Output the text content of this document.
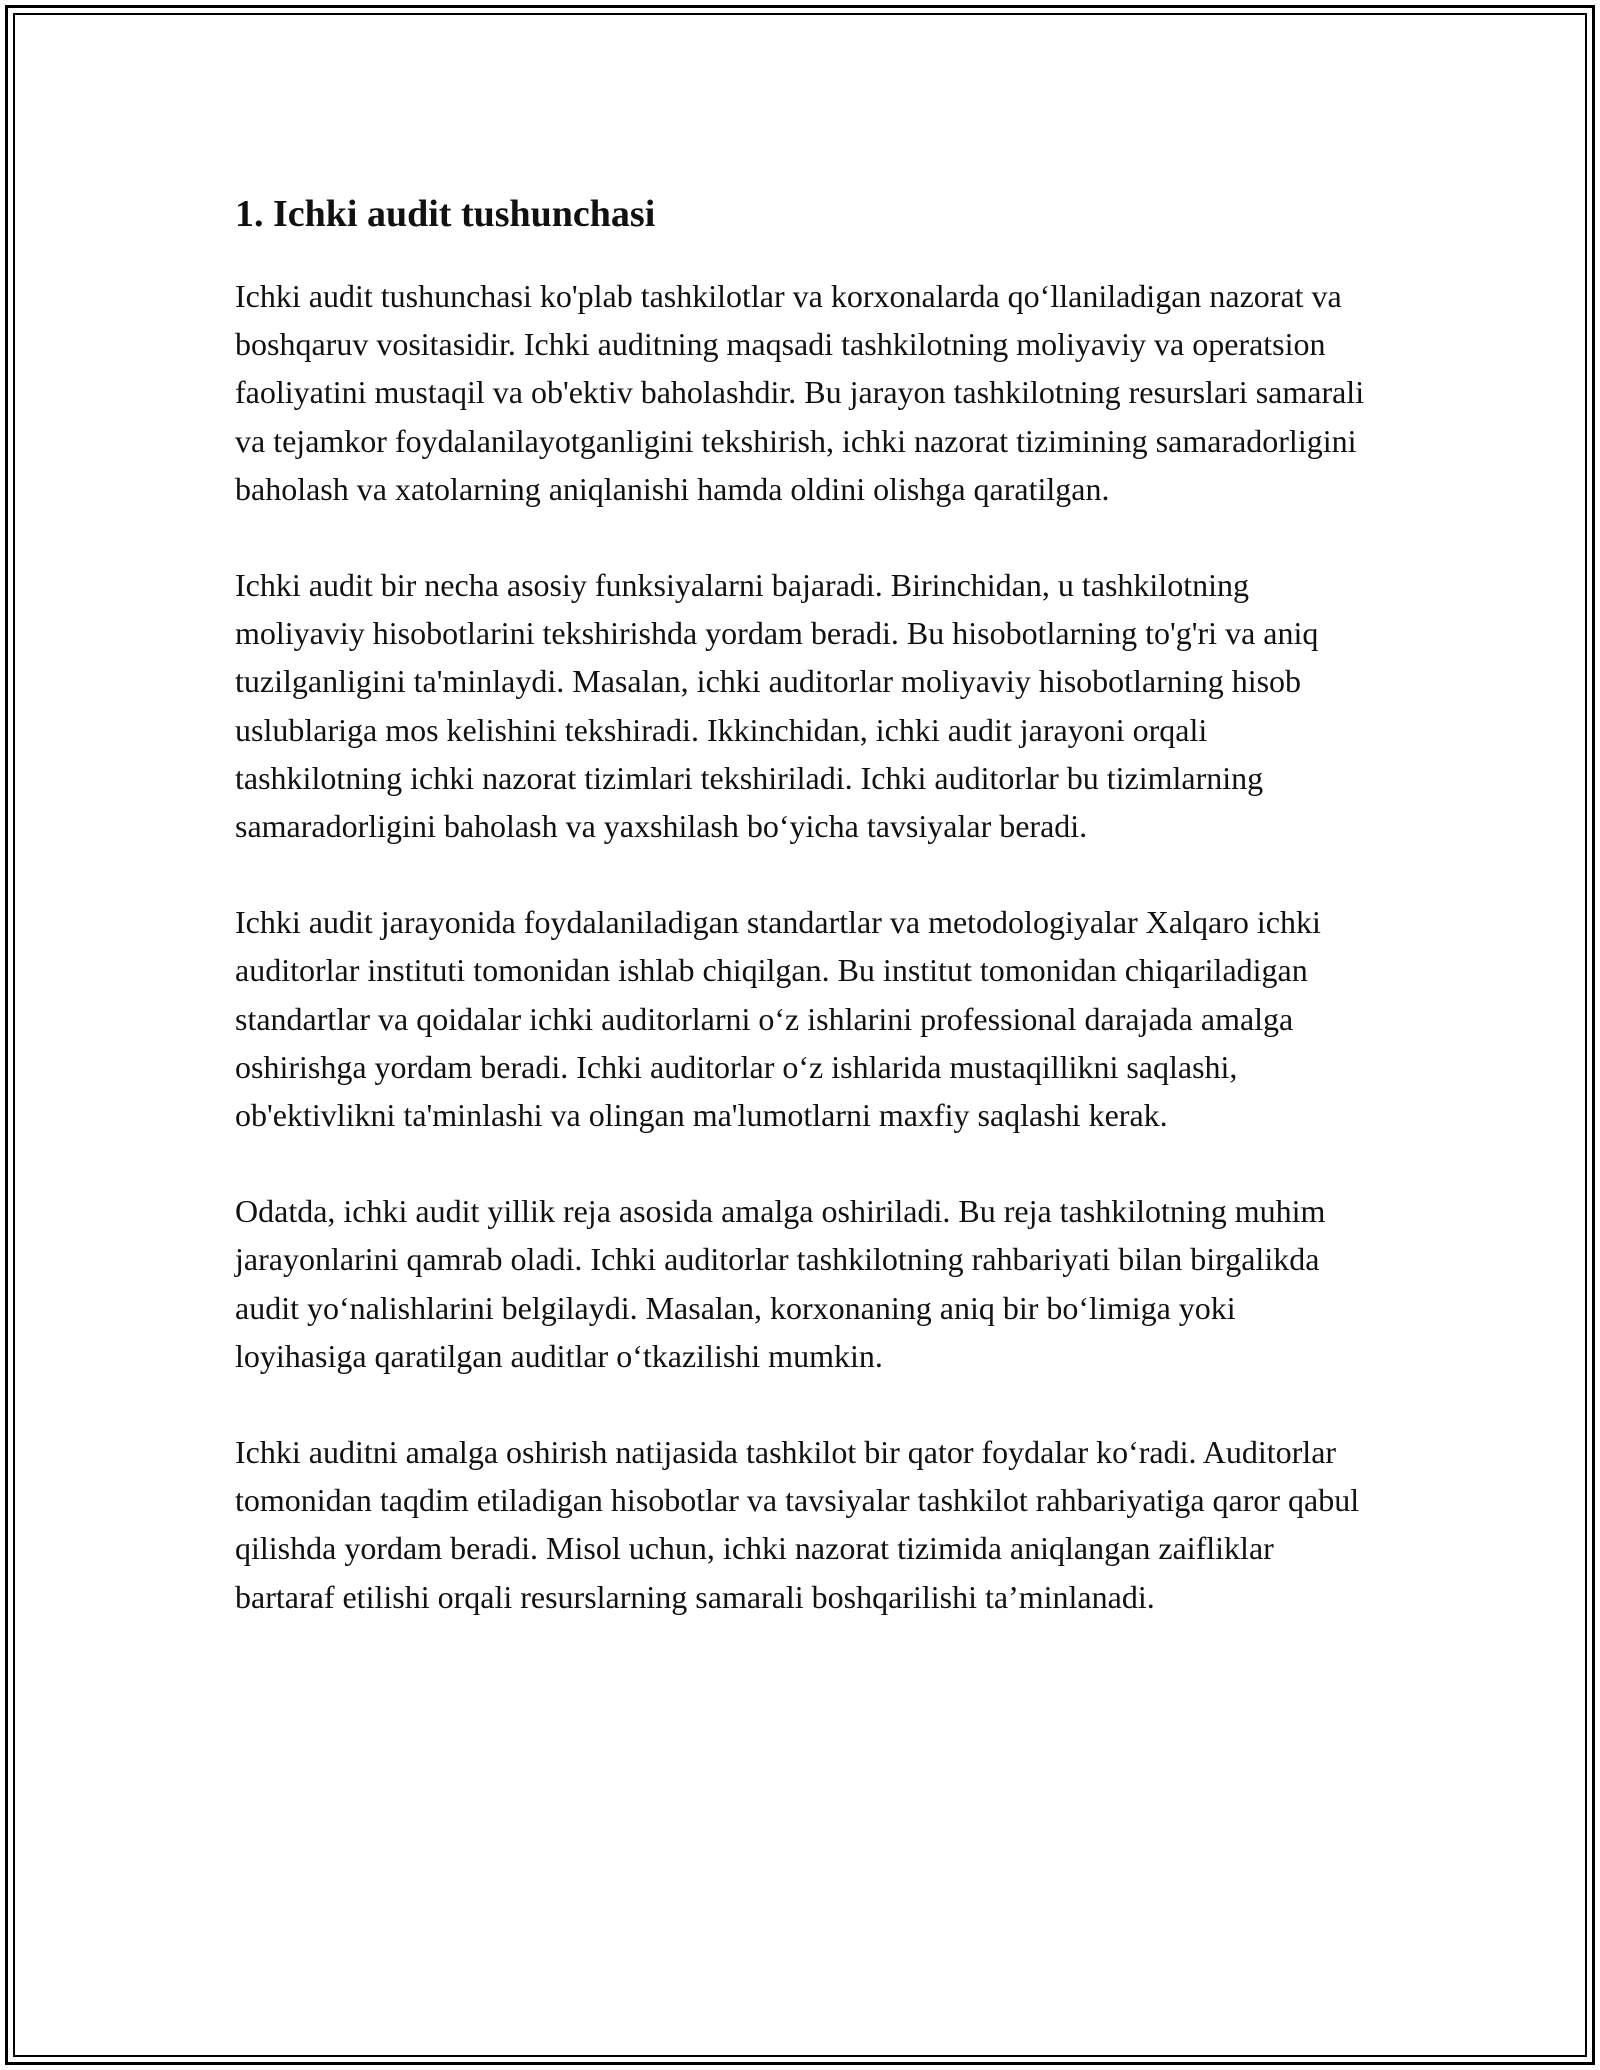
1. Ichki audit tushunchasi

Ichki audit tushunchasi ko'plab tashkilotlar va korxonalarda qo‘llaniladigan nazorat va boshqaruv vositasidir. Ichki auditning maqsadi tashkilotning moliyaviy va operatsion faoliyatini mustaqil va ob'ektiv baholashdir. Bu jarayon tashkilotning resurslari samarali va tejamkor foydalanilayotganligini tekshirish, ichki nazorat tizimining samaradorligini baholash va xatolarning aniqlanishi hamda oldini olishga qaratilgan.

Ichki audit bir necha asosiy funksiyalarni bajaradi. Birinchidan, u tashkilotning moliyaviy hisobotlarini tekshirishda yordam beradi. Bu hisobotlarning to'g'ri va aniq tuzilganligini ta'minlaydi. Masalan, ichki auditorlar moliyaviy hisobotlarning hisob uslublariga mos kelishini tekshiradi. Ikkinchidan, ichki audit jarayoni orqali tashkilotning ichki nazorat tizimlari tekshiriladi. Ichki auditorlar bu tizimlarning samaradorligini baholash va yaxshilash bo‘yicha tavsiyalar beradi.

Ichki audit jarayonida foydalaniladigan standartlar va metodologiyalar Xalqaro ichki auditorlar instituti tomonidan ishlab chiqilgan. Bu institut tomonidan chiqariladigan standartlar va qoidalar ichki auditorlarni o‘z ishlarini professional darajada amalga oshirishga yordam beradi. Ichki auditorlar o‘z ishlarida mustaqillikni saqlashi, ob'ektivlikni ta'minlashi va olingan ma'lumotlarni maxfiy saqlashi kerak.

Odatda, ichki audit yillik reja asosida amalga oshiriladi. Bu reja tashkilotning muhim jarayonlarini qamrab oladi. Ichki auditorlar tashkilotning rahbariyati bilan birgalikda audit yo‘nalishlarini belgilaydi. Masalan, korxonaning aniq bir bo‘limiga yoki loyihasiga qaratilgan auditlar o‘tkazilishi mumkin.

Ichki auditni amalga oshirish natijasida tashkilot bir qator foydalar ko‘radi. Auditorlar tomonidan taqdim etiladigan hisobotlar va tavsiyalar tashkilot rahbariyatiga qaror qabul qilishda yordam beradi. Misol uchun, ichki nazorat tizimida aniqlangan zaifliklar bartaraf etilishi orqali resurslarning samarali boshqarilishi ta’minlanadi.
